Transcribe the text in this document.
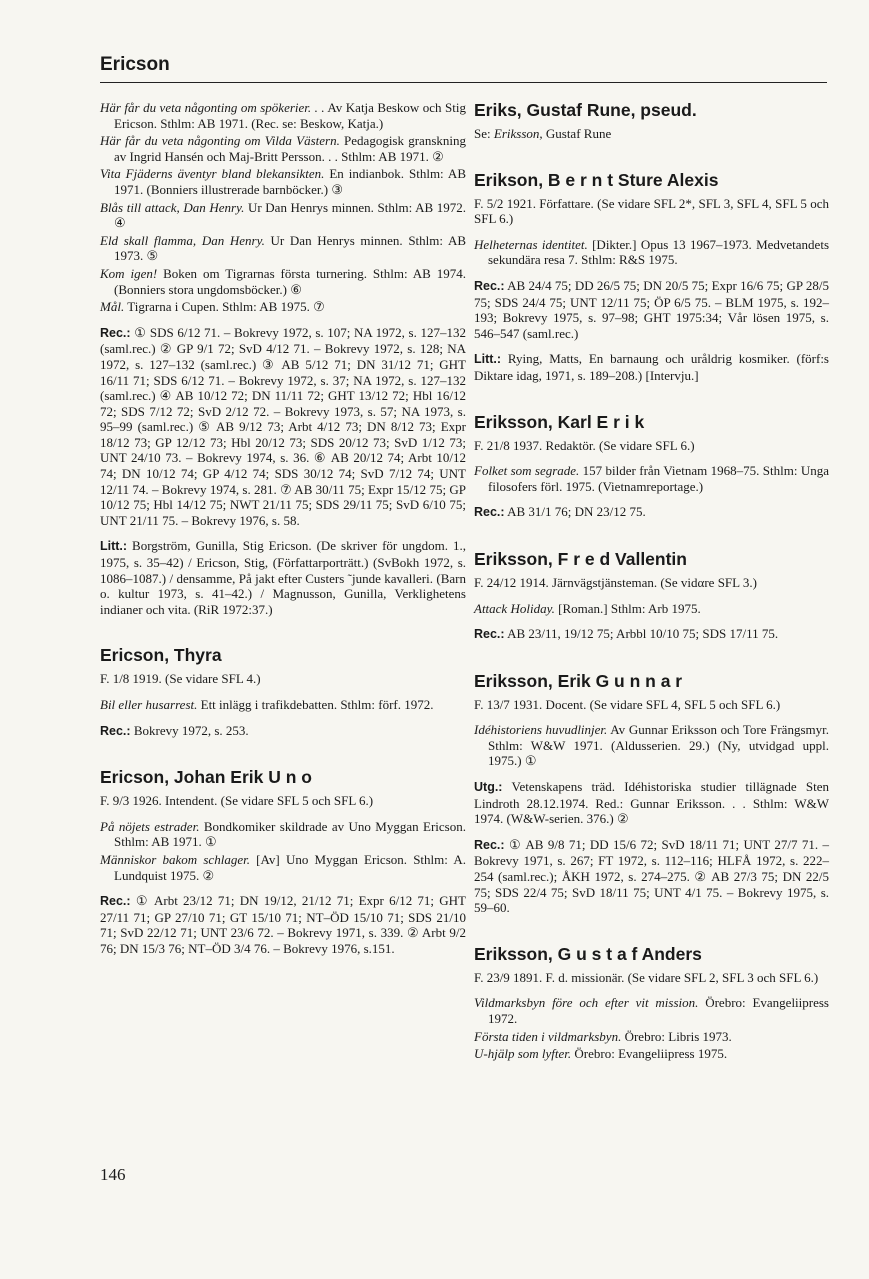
Ericson

Här får du veta någonting om spökerier. . . Av Katja Beskow och Stig Ericson. Sthlm: AB 1971. (Rec. se: Beskow, Katja.)

Här får du veta någonting om Vilda Västern. Pedagogisk granskning av Ingrid Hansén och Maj-Britt Persson. . . Sthlm: AB 1971. ②

Vita Fjäderns äventyr bland blekansikten. En indianbok. Sthlm: AB 1971. (Bonniers illustrerade barnböcker.) ③

Blås till attack, Dan Henry. Ur Dan Henrys minnen. Sthlm: AB 1972. ④

Eld skall flamma, Dan Henry. Ur Dan Henrys minnen. Sthlm: AB 1973. ⑤

Kom igen! Boken om Tigrarnas första turnering. Sthlm: AB 1974. (Bonniers stora ungdomsböcker.) ⑥

Mål. Tigrarna i Cupen. Sthlm: AB 1975. ⑦

Rec.: ① SDS 6/12 71. – Bokrevy 1972, s. 107; NA 1972, s. 127–132 (saml.rec.) ② GP 9/1 72; SvD 4/12 71. – Bokrevy 1972, s. 128; NA 1972, s. 127–132 (saml.rec.) ③ AB 5/12 71; DN 31/12 71; GHT 16/11 71; SDS 6/12 71. – Bokrevy 1972, s. 37; NA 1972, s. 127–132 (saml.rec.) ④ AB 10/12 72; DN 11/11 72; GHT 13/12 72; Hbl 16/12 72; SDS 7/12 72; SvD 2/12 72. – Bokrevy 1973, s. 57; NA 1973, s. 95–99 (saml.rec.) ⑤ AB 9/12 73; Arbt 4/12 73; DN 8/12 73; Expr 18/12 73; GP 12/12 73; Hbl 20/12 73; SDS 20/12 73; SvD 1/12 73; UNT 24/10 73. – Bokrevy 1974, s. 36. ⑥ AB 20/12 74; Arbt 10/12 74; DN 10/12 74; GP 4/12 74; SDS 30/12 74; SvD 7/12 74; UNT 12/11 74. – Bokrevy 1974, s. 281. ⑦ AB 30/11 75; Expr 15/12 75; GP 10/12 75; Hbl 14/12 75; NWT 21/11 75; SDS 29/11 75; SvD 6/10 75; UNT 21/11 75. – Bokrevy 1976, s. 58.

Litt.: Borgström, Gunilla, Stig Ericson. (De skriver för ungdom. 1., 1975, s. 35–42) / Ericson, Stig, (Författarporträtt.) (SvBokh 1972, s. 1086–1087.) / densamme, På jakt efter Custers ˜junde kavalleri. (Barn o. kultur 1973, s. 41–42.) / Magnusson, Gunilla, Verklighetens indianer och vita. (RiR 1972:37.)

Ericson, Thyra

F. 1/8 1919. (Se vidare SFL 4.)

Bil eller husarrest. Ett inlägg i trafikdebatten. Sthlm: förf. 1972.

Rec.: Bokrevy 1972, s. 253.

Ericson, Johan Erik U n o

F. 9/3 1926. Intendent. (Se vidare SFL 5 och SFL 6.)

På nöjets estrader. Bondkomiker skildrade av Uno Myggan Ericson. Sthlm: AB 1971. ①

Människor bakom schlager. [Av] Uno Myggan Ericson. Sthlm: A. Lundquist 1975. ②

Rec.: ① Arbt 23/12 71; DN 19/12, 21/12 71; Expr 6/12 71; GHT 27/11 71; GP 27/10 71; GT 15/10 71; NT–ÖD 15/10 71; SDS 21/10 71; SvD 22/12 71; UNT 23/6 72. – Bokrevy 1971, s. 339. ② Arbt 9/2 76; DN 15/3 76; NT–ÖD 3/4 76. – Bokrevy 1976, s.151.

Eriks, Gustaf Rune, pseud.

Se: Eriksson, Gustaf Rune

Erikson, B e r n t Sture Alexis

F. 5/2 1921. Författare. (Se vidare SFL 2*, SFL 3, SFL 4, SFL 5 och SFL 6.)

Helheternas identitet. [Dikter.] Opus 13 1967–1973. Medvetandets sekundära resa 7. Sthlm: R&S 1975.

Rec.: AB 24/4 75; DD 26/5 75; DN 20/5 75; Expr 16/6 75; GP 28/5 75; SDS 24/4 75; UNT 12/11 75; ÖP 6/5 75. – BLM 1975, s. 192–193; Bokrevy 1975, s. 97–98; GHT 1975:34; Vår lösen 1975, s. 546–547 (saml.rec.)

Litt.: Rying, Matts, En barnaung och uråldrig kosmiker. (förf:s Diktare idag, 1971, s. 189–208.) [Intervju.]

Eriksson, Karl E r i k

F. 21/8 1937. Redaktör. (Se vidare SFL 6.)

Folket som segrade. 157 bilder från Vietnam 1968–75. Sthlm: Unga filosofers förl. 1975. (Vietnamreportage.)

Rec.: AB 31/1 76; DN 23/12 75.

Eriksson, F r e d Vallentin

F. 24/12 1914. Järnvägstjänsteman. (Se vidαre SFL 3.)

Attack Holiday. [Roman.] Sthlm: Arb 1975.

Rec.: AB 23/11, 19/12 75; Arbbl 10/10 75; SDS 17/11 75.

Eriksson, Erik G u n n a r

F. 13/7 1931. Docent. (Se vidare SFL 4, SFL 5 och SFL 6.)

Idéhistoriens huvudlinjer. Av Gunnar Eriksson och Tore Frängsmyr. Sthlm: W&W 1971. (Aldusserien. 29.) (Ny, utvidgad uppl. 1975.) ①

Utg.: Vetenskapens träd. Idéhistoriska studier tillägnade Sten Lindroth 28.12.1974. Red.: Gunnar Eriksson. . . Sthlm: W&W 1974. (W&W-serien. 376.) ②

Rec.: ① AB 9/8 71; DD 15/6 72; SvD 18/11 71; UNT 27/7 71. – Bokrevy 1971, s. 267; FT 1972, s. 112–116; HLFÅ 1972, s. 222–254 (saml.rec.); ÅKH 1972, s. 274–275. ② AB 27/3 75; DN 22/5 75; SDS 22/4 75; SvD 18/11 75; UNT 4/1 75. – Bokrevy 1975, s. 59–60.

Eriksson, G u s t a f Anders

F. 23/9 1891. F. d. missionär. (Se vidare SFL 2, SFL 3 och SFL 6.)

Vildmarksbyn före och efter vit mission. Örebro: Evangeliipress 1972.

Första tiden i vildmarksbyn. Örebro: Libris 1973.

U-hjälp som lyfter. Örebro: Evangeliipress 1975.

146
